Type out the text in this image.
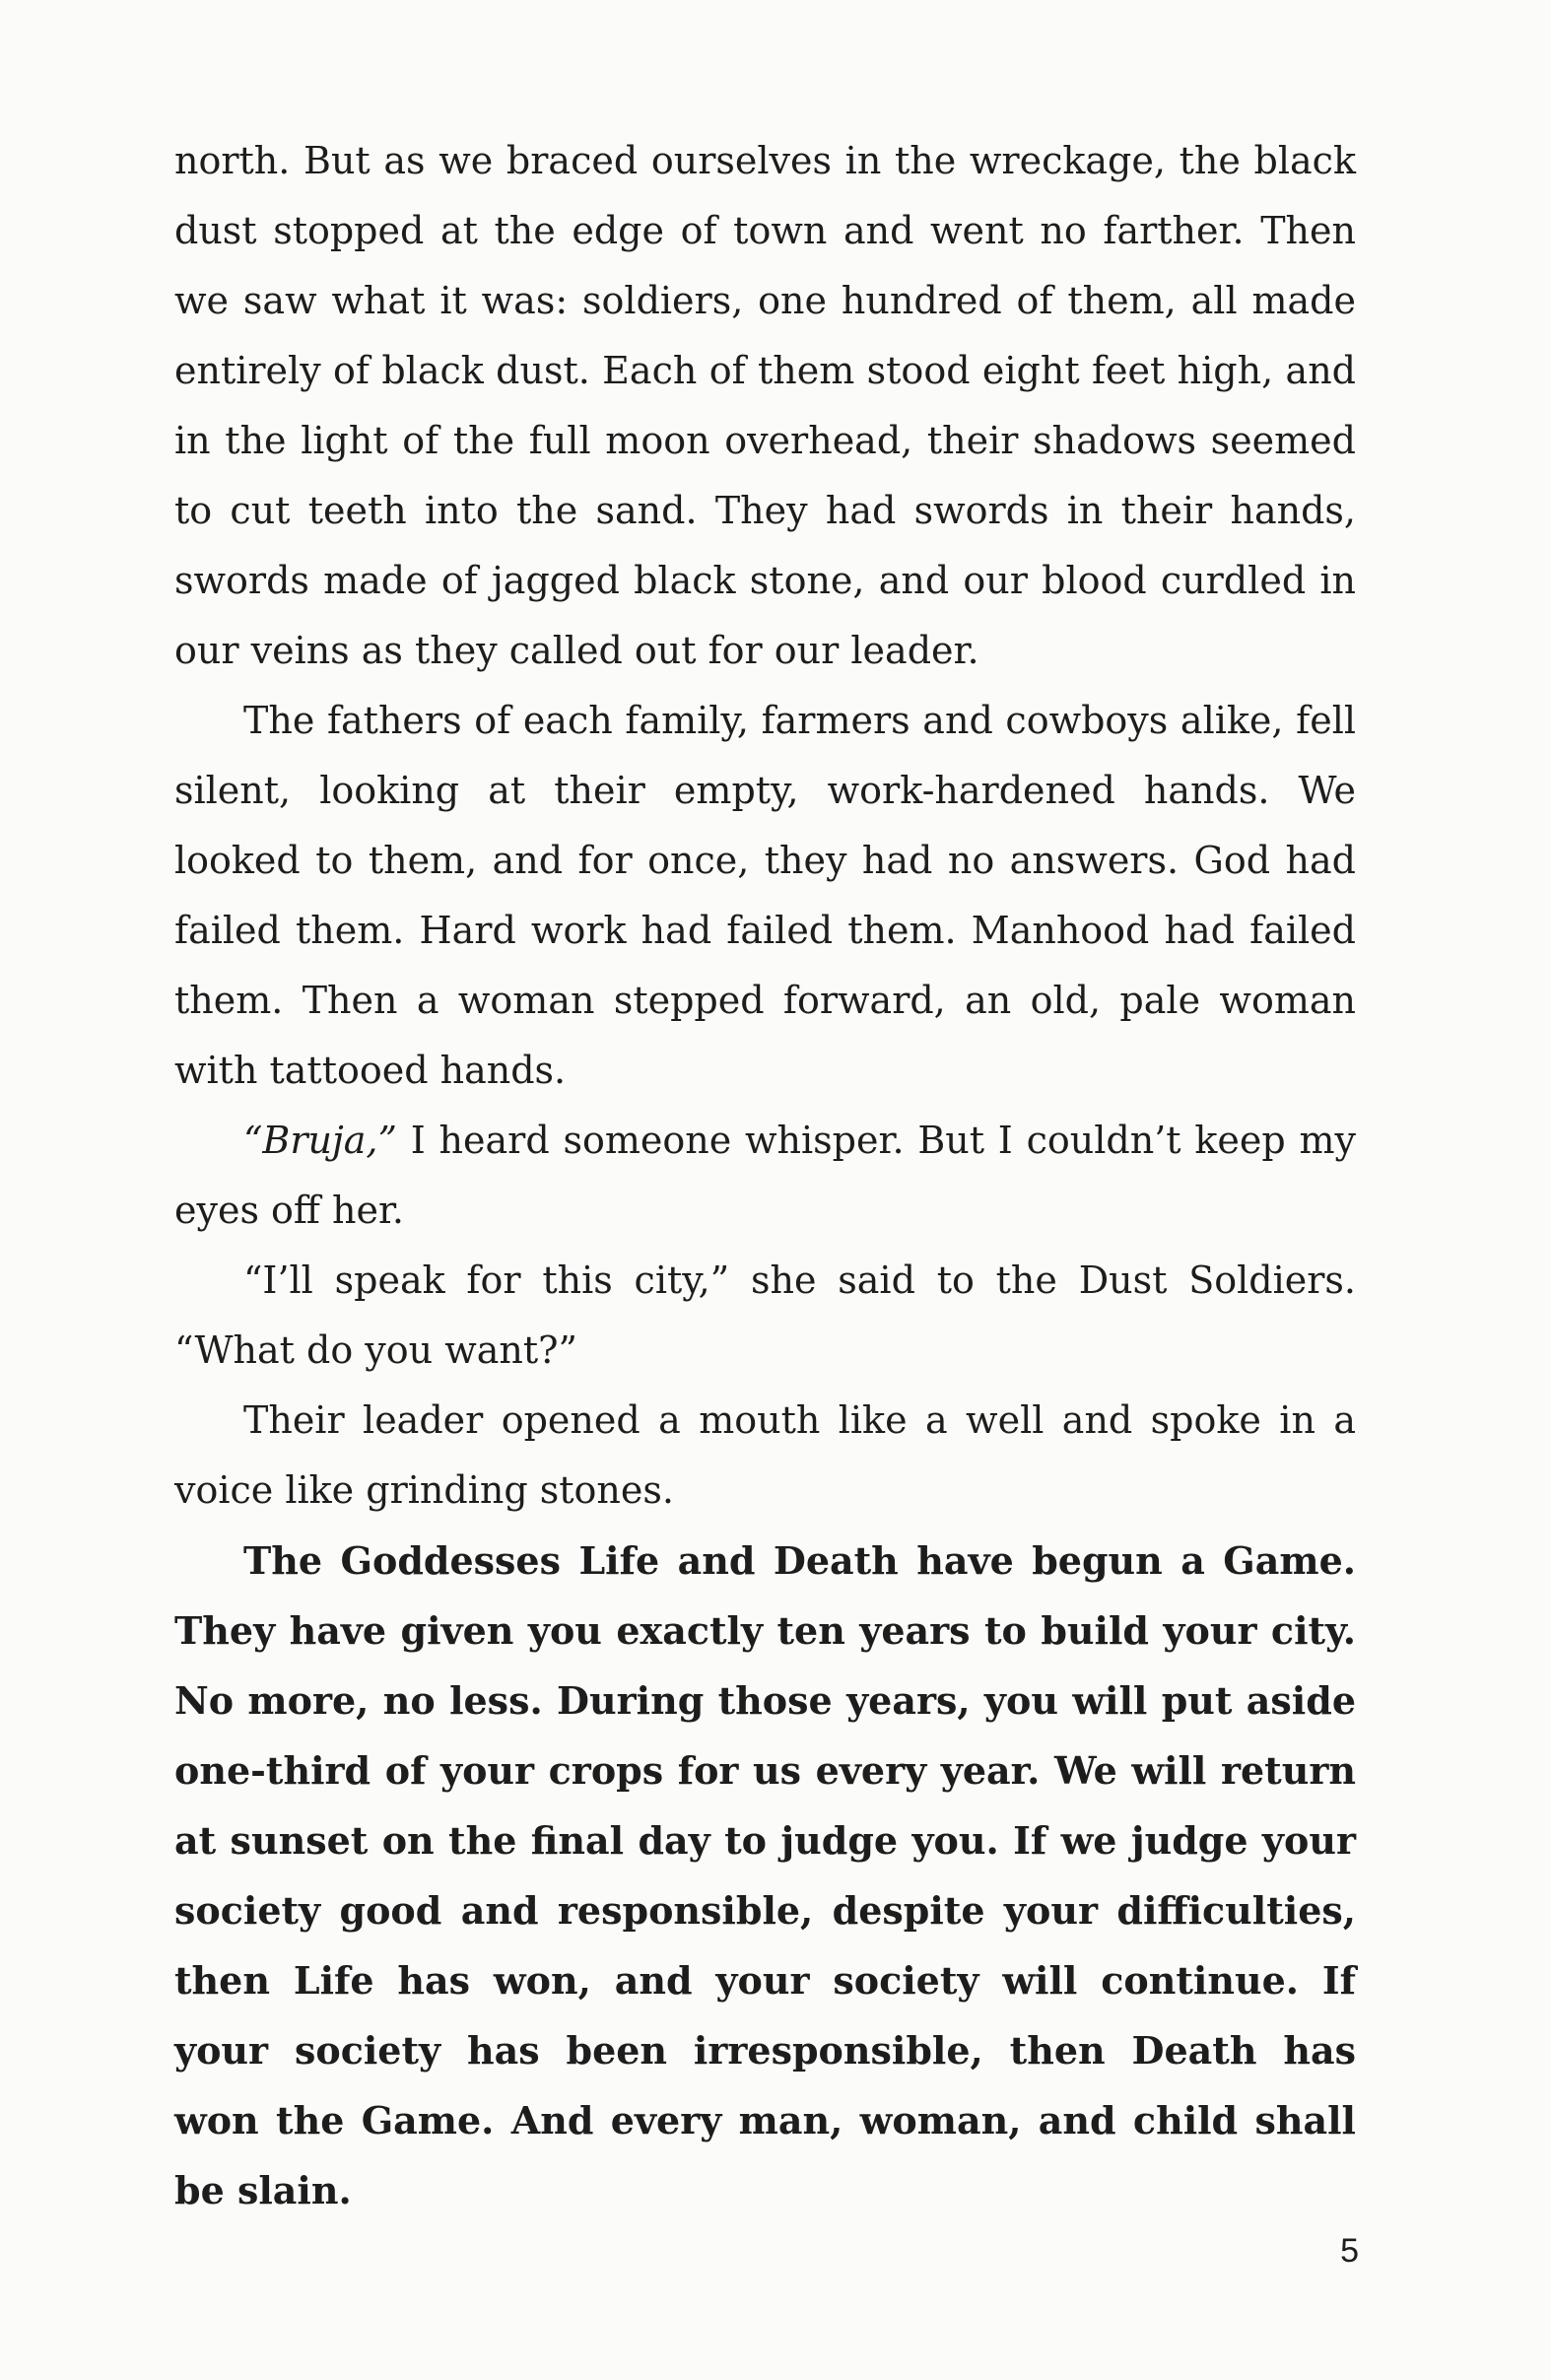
north. But as we braced ourselves in the wreckage, the black dust stopped at the edge of town and went no farther. Then we saw what it was: soldiers, one hundred of them, all made entirely of black dust. Each of them stood eight feet high, and in the light of the full moon overhead, their shadows seemed to cut teeth into the sand. They had swords in their hands, swords made of jagged black stone, and our blood curdled in our veins as they called out for our leader.

The fathers of each family, farmers and cowboys alike, fell silent, looking at their empty, work-hardened hands. We looked to them, and for once, they had no answers. God had failed them. Hard work had failed them. Manhood had failed them. Then a woman stepped forward, an old, pale woman with tattooed hands.

“Bruja,” I heard someone whisper. But I couldn’t keep my eyes off her.

“I’ll speak for this city,” she said to the Dust Soldiers. “What do you want?”

Their leader opened a mouth like a well and spoke in a voice like grinding stones.

The Goddesses Life and Death have begun a Game. They have given you exactly ten years to build your city. No more, no less. During those years, you will put aside one-third of your crops for us every year. We will return at sunset on the final day to judge you. If we judge your society good and responsible, despite your difficulties, then Life has won, and your society will continue. If your society has been irresponsible, then Death has won the Game. And every man, woman, and child shall be slain.

5
